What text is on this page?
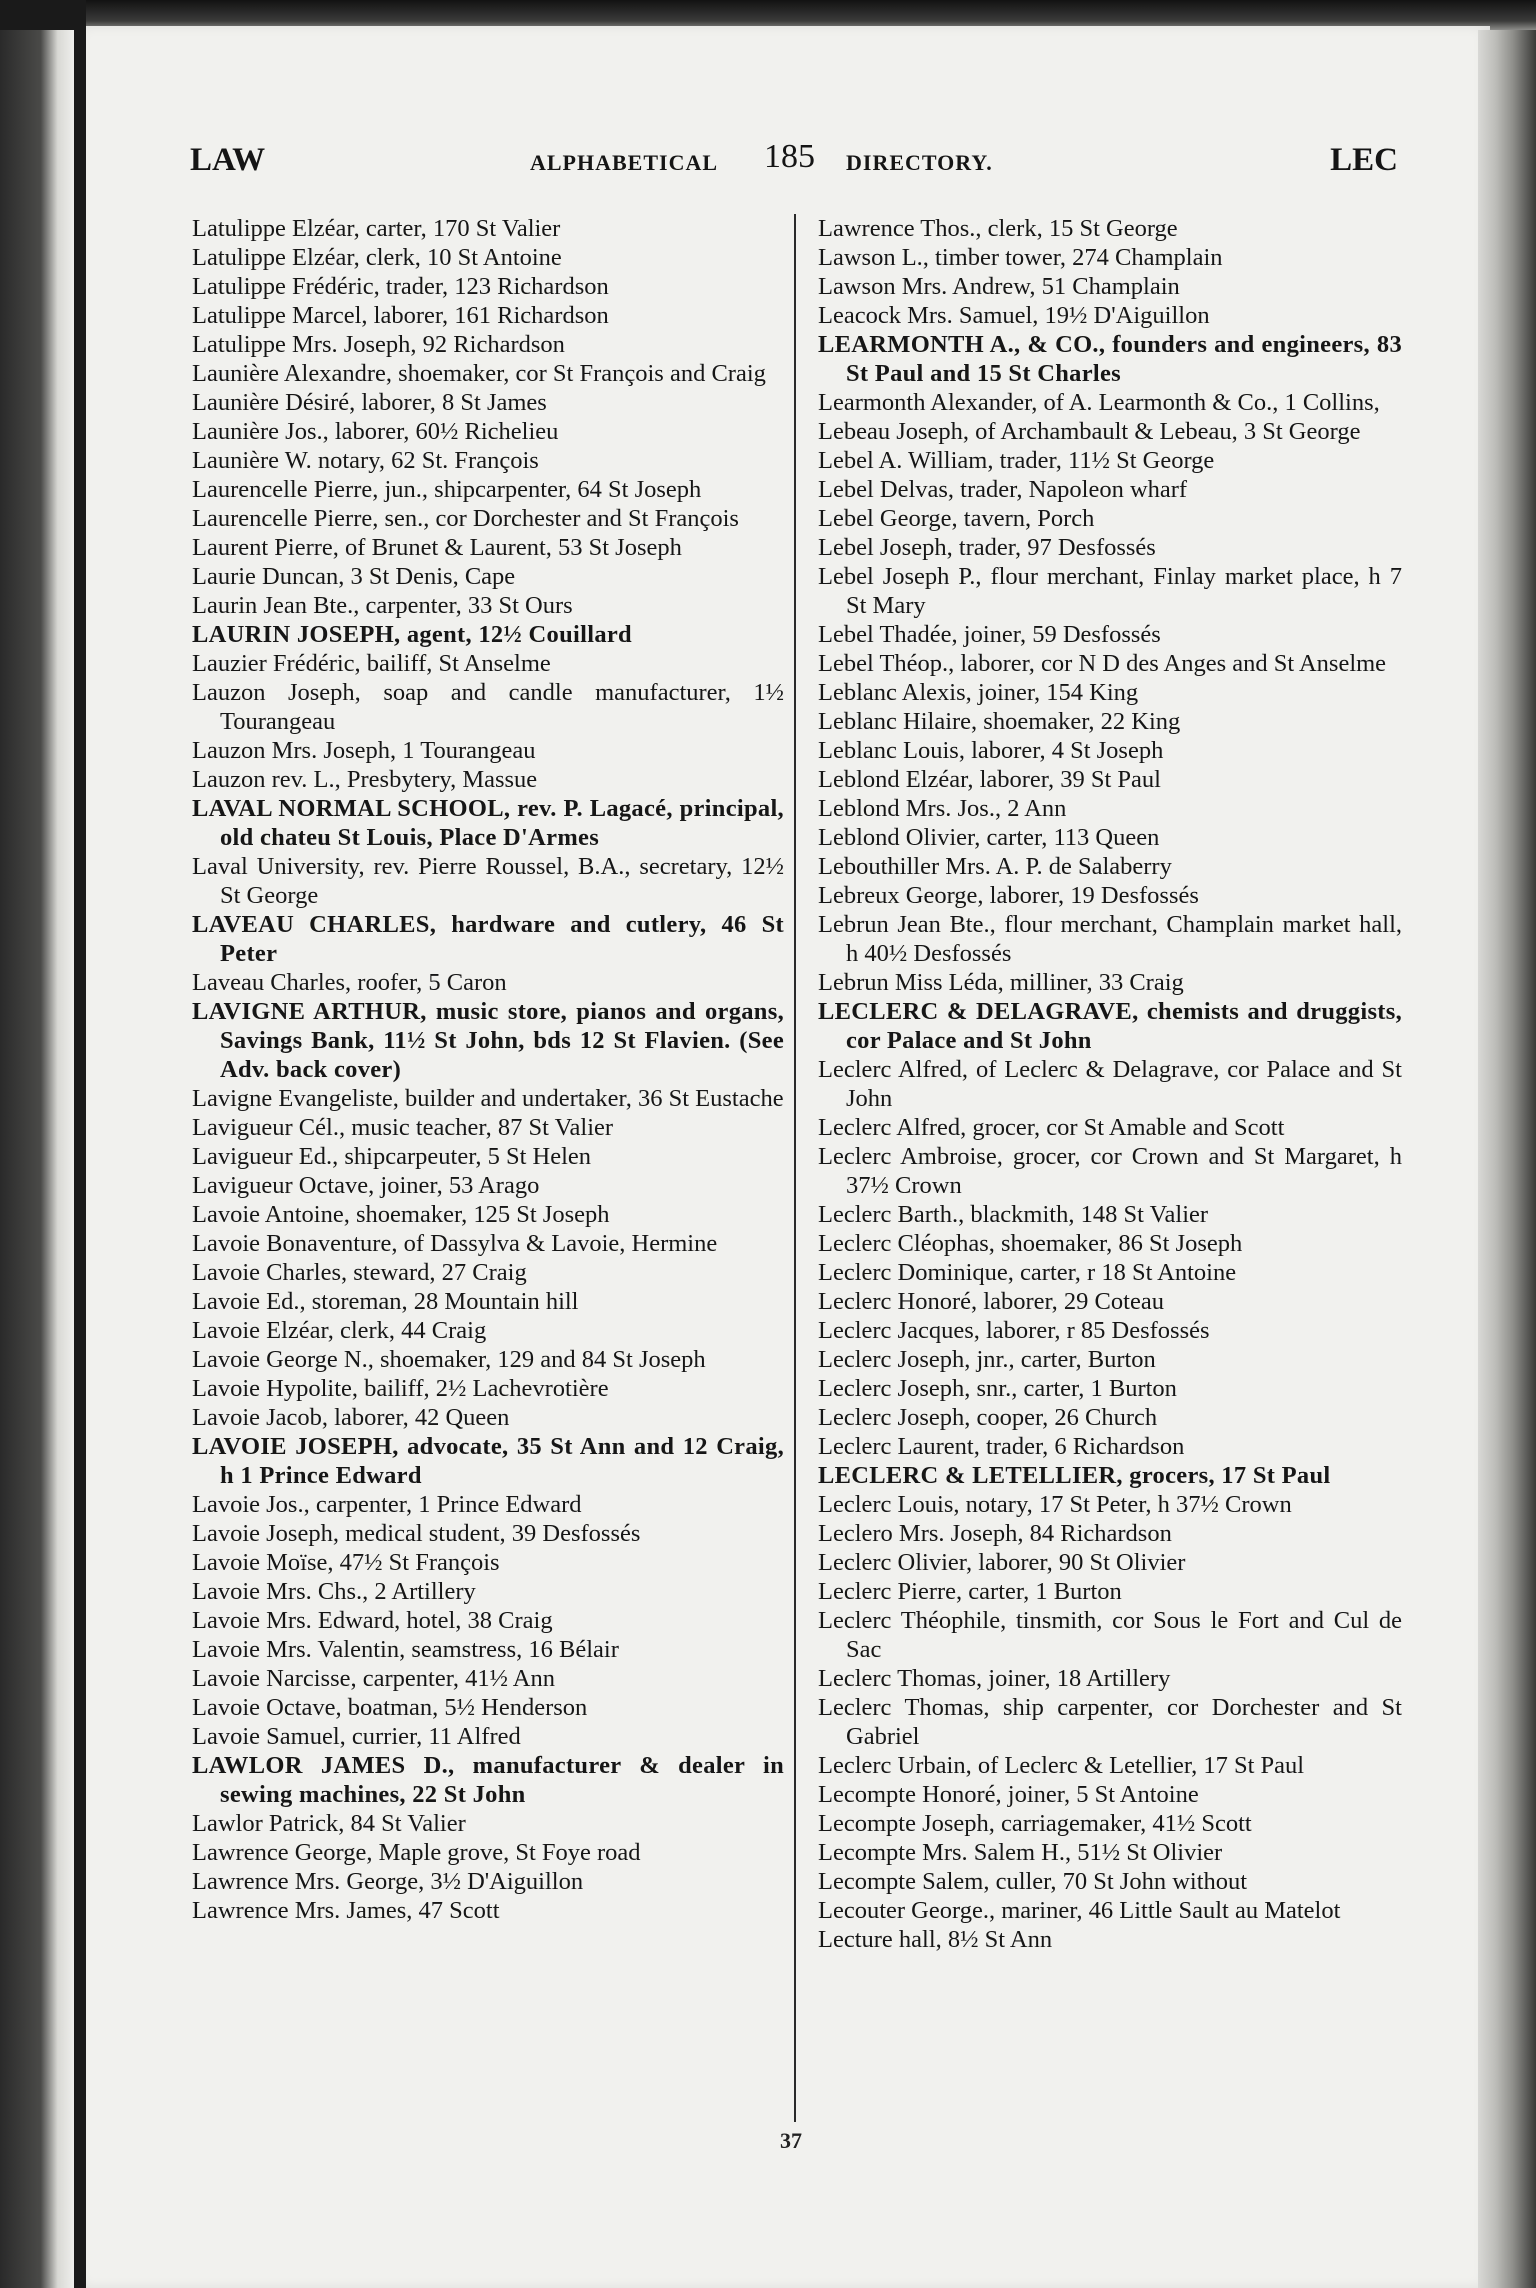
LAW	ALPHABETICAL 185 DIRECTORY.	LEC
Latulippe Elzéar, carter, 170 St Valier
Latulippe Elzéar, clerk, 10 St Antoine
Latulippe Frédéric, trader, 123 Richardson
Latulippe Marcel, laborer, 161 Richardson
Latulippe Mrs. Joseph, 92 Richardson
Launière Alexandre, shoemaker, cor St François and Craig
Launière Désiré, laborer, 8 St James
Launière Jos., laborer, 60½ Richelieu
Launière W. notary, 62 St. François
Laurencelle Pierre, jun., shipcarpenter, 64 St Joseph
Laurencelle Pierre, sen., cor Dorchester and St François
Laurent Pierre, of Brunet & Laurent, 53 St Joseph
Laurie Duncan, 3 St Denis, Cape
Laurin Jean Bte., carpenter, 33 St Ours
LAURIN JOSEPH, agent, 12½ Couillard
Lauzier Frédéric, bailiff, St Anselme
Lauzon Joseph, soap and candle manufacturer, 1½ Tourangeau
Lauzon Mrs. Joseph, 1 Tourangeau
Lauzon rev. L., Presbytery, Massue
LAVAL NORMAL SCHOOL, rev. P. Lagacé, principal, old chateu St Louis, Place D'Armes
Laval University, rev. Pierre Roussel, B.A., secretary, 12½ St George
LAVEAU CHARLES, hardware and cutlery, 46 St Peter
Laveau Charles, roofer, 5 Caron
LAVIGNE ARTHUR, music store, pianos and organs, Savings Bank, 11½ St John, bds 12 St Flavien. (See Adv. back cover)
Lavigne Evangeliste, builder and undertaker, 36 St Eustache
Lavigueur Cél., music teacher, 87 St Valier
Lavigueur Ed., shipcarpeuter, 5 St Helen
Lavigueur Octave, joiner, 53 Arago
Lavoie Antoine, shoemaker, 125 St Joseph
Lavoie Bonaventure, of Dassylva & Lavoie, Hermine
Lavoie Charles, steward, 27 Craig
Lavoie Ed., storeman, 28 Mountain hill
Lavoie Elzéar, clerk, 44 Craig
Lavoie George N., shoemaker, 129 and 84 St Joseph
Lavoie Hypolite, bailiff, 2½ Lachevrotière
Lavoie Jacob, laborer, 42 Queen
LAVOIE JOSEPH, advocate, 35 St Ann and 12 Craig, h 1 Prince Edward
Lavoie Jos., carpenter, 1 Prince Edward
Lavoie Joseph, medical student, 39 Desfossés
Lavoie Moïse, 47½ St François
Lavoie Mrs. Chs., 2 Artillery
Lavoie Mrs. Edward, hotel, 38 Craig
Lavoie Mrs. Valentin, seamstress, 16 Bélair
Lavoie Narcisse, carpenter, 41½ Ann
Lavoie Octave, boatman, 5½ Henderson
Lavoie Samuel, currier, 11 Alfred
LAWLOR JAMES D., manufacturer & dealer in sewing machines, 22 St John
Lawlor Patrick, 84 St Valier
Lawrence George, Maple grove, St Foye road
Lawrence Mrs. George, 3½ D'Aiguillon
Lawrence Mrs. James, 47 Scott
Lawrence Thos., clerk, 15 St George
Lawson L., timber tower, 274 Champlain
Lawson Mrs. Andrew, 51 Champlain
Leacock Mrs. Samuel, 19½ D'Aiguillon
LEARMONTH A., & CO., founders and engineers, 83 St Paul and 15 St Charles
Learmonth Alexander, of A. Learmonth & Co., 1 Collins,
Lebeau Joseph, of Archambault & Lebeau, 3 St George
Lebel A. William, trader, 11½ St George
Lebel Delvas, trader, Napoleon wharf
Lebel George, tavern, Porch
Lebel Joseph, trader, 97 Desfossés
Lebel Joseph P., flour merchant, Finlay market place, h 7 St Mary
Lebel Thadée, joiner, 59 Desfossés
Lebel Théop., laborer, cor N D des Anges and St Anselme
Leblanc Alexis, joiner, 154 King
Leblanc Hilaire, shoemaker, 22 King
Leblanc Louis, laborer, 4 St Joseph
Leblond Elzéar, laborer, 39 St Paul
Leblond Mrs. Jos., 2 Ann
Leblond Olivier, carter, 113 Queen
Lebouthiller Mrs. A. P. de Salaberry
Lebreux George, laborer, 19 Desfossés
Lebrun Jean Bte., flour merchant, Champlain market hall, h 40½ Desfossés
Lebrun Miss Léda, milliner, 33 Craig
LECLERC & DELAGRAVE, chemists and druggists, cor Palace and St John
Leclerc Alfred, of Leclerc & Delagrave, cor Palace and St John
Leclerc Alfred, grocer, cor St Amable and Scott
Leclerc Ambroise, grocer, cor Crown and St Margaret, h 37½ Crown
Leclerc Barth., blackmith, 148 St Valier
Leclerc Cléophas, shoemaker, 86 St Joseph
Leclerc Dominique, carter, r 18 St Antoine
Leclerc Honoré, laborer, 29 Coteau
Leclerc Jacques, laborer, r 85 Desfossés
Leclerc Joseph, jnr., carter, Burton
Leclerc Joseph, snr., carter, 1 Burton
Leclerc Joseph, cooper, 26 Church
Leclerc Laurent, trader, 6 Richardson
LECLERC & LETELLIER, grocers, 17 St Paul
Leclerc Louis, notary, 17 St Peter, h 37½ Crown
Leclero Mrs. Joseph, 84 Richardson
Leclerc Olivier, laborer, 90 St Olivier
Leclerc Pierre, carter, 1 Burton
Leclerc Théophile, tinsmith, cor Sous le Fort and Cul de Sac
Leclerc Thomas, joiner, 18 Artillery
Leclerc Thomas, ship carpenter, cor Dorchester and St Gabriel
Leclerc Urbain, of Leclerc & Letellier, 17 St Paul
Lecompte Honoré, joiner, 5 St Antoine
Lecompte Joseph, carriagemaker, 41½ Scott
Lecompte Mrs. Salem H., 51½ St Olivier
Lecompte Salem, culler, 70 St John without
Lecouter George., mariner, 46 Little Sault au Matelot
Lecture hall, 8½ St Ann
37
